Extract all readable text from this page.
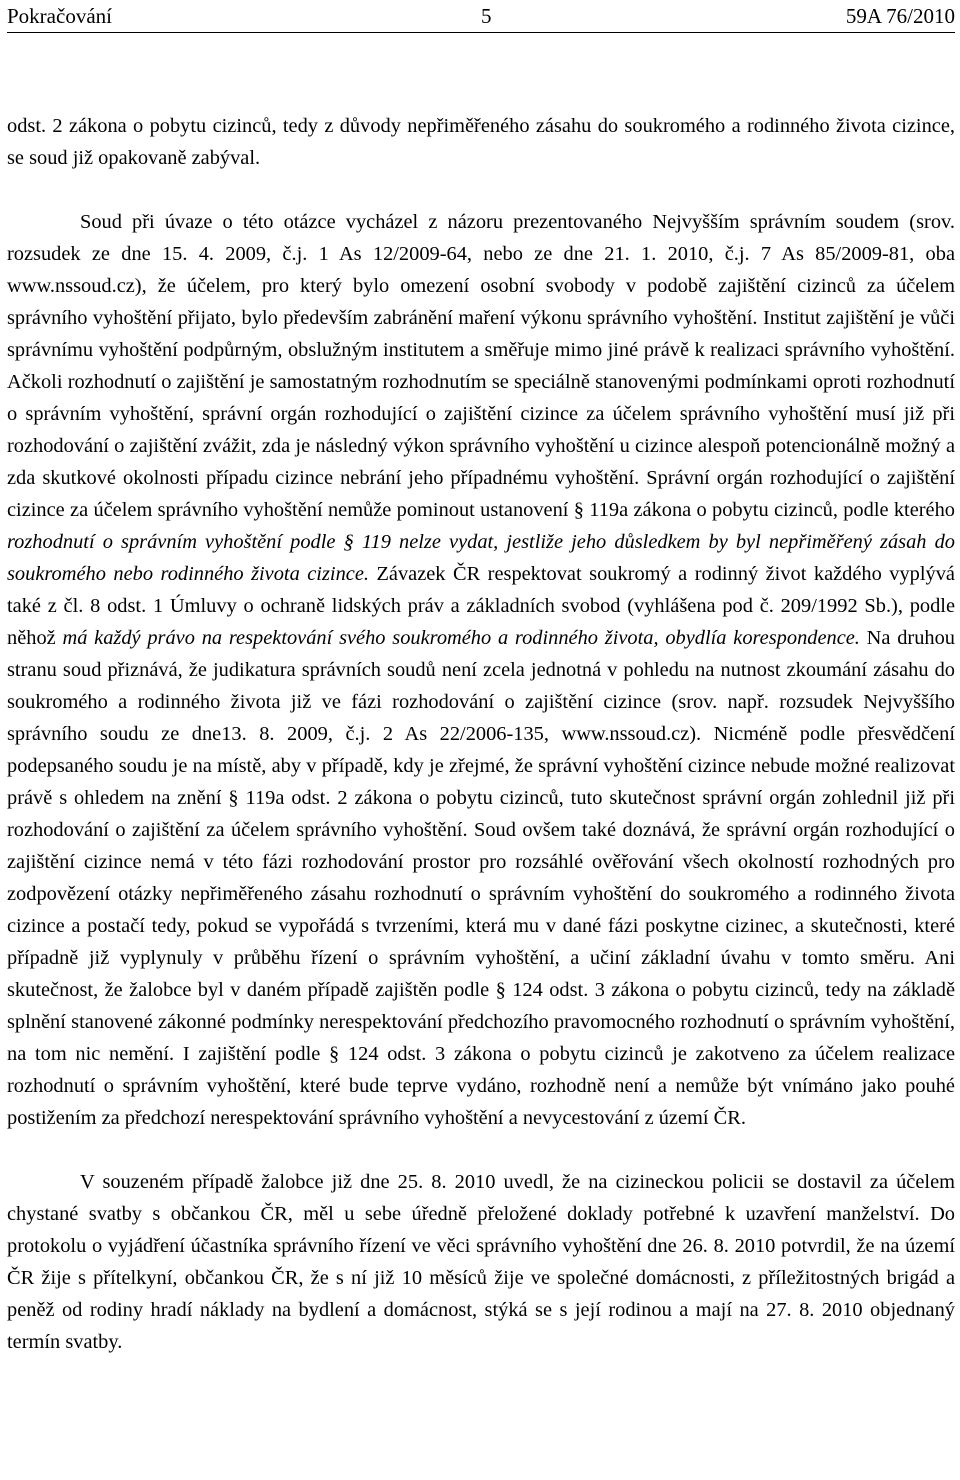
Pokračování	5	59A 76/2010

odst. 2 zákona o pobytu cizinců, tedy z důvody nepřiměřeného zásahu do soukromého a rodinného života cizince, se soud již opakovaně zabýval.

Soud při úvaze o této otázce vycházel z názoru prezentovaného Nejvyšším správním soudem (srov. rozsudek ze dne 15. 4. 2009, č.j. 1 As 12/2009-64, nebo ze dne 21. 1. 2010, č.j. 7 As 85/2009-81, oba www.nssoud.cz), že účelem, pro který bylo omezení osobní svobody v podobě zajištění cizinců za účelem správního vyhoštění přijato, bylo především zabránění maření výkonu správního vyhoštění. Institut zajištění je vůči správnímu vyhoštění podpůrným, obslužným institutem a směřuje mimo jiné právě k realizaci správního vyhoštění. Ačkoli rozhodnutí o zajištění je samostatným rozhodnutím se speciálně stanovenými podmínkami oproti rozhodnutí o správním vyhoštění, správní orgán rozhodující o zajištění cizince za účelem správního vyhoštění musí již při rozhodování o zajištění zvážit, zda je následný výkon správního vyhoštění u cizince alespoň potencionálně možný a zda skutkové okolnosti případu cizince nebrání jeho případnému vyhoštění. Správní orgán rozhodující o zajištění cizince za účelem správního vyhoštění nemůže pominout ustanovení § 119a zákona o pobytu cizinců, podle kterého rozhodnutí o správním vyhoštění podle § 119 nelze vydat, jestliže jeho důsledkem by byl nepřiměřený zásah do soukromého nebo rodinného života cizince. Závazek ČR respektovat soukromý a rodinný život každého vyplývá také z čl. 8 odst. 1 Úmluvy o ochraně lidských práv a základních svobod (vyhlášena pod č. 209/1992 Sb.), podle něhož má každý právo na respektování svého soukromého a rodinného života, obydlía korespondence. Na druhou stranu soud přiznává, že judikatura správních soudů není zcela jednotná v pohledu na nutnost zkoumání zásahu do soukromého a rodinného života již ve fázi rozhodování o zajištění cizince (srov. např. rozsudek Nejvyššího správního soudu ze dne13. 8. 2009, č.j. 2 As 22/2006-135, www.nssoud.cz). Nicméně podle přesvědčení podepsaného soudu je na místě, aby v případě, kdy je zřejmé, že správní vyhoštění cizince nebude možné realizovat právě s ohledem na znění § 119a odst. 2 zákona o pobytu cizinců, tuto skutečnost správní orgán zohlednil již při rozhodování o zajištění za účelem správního vyhoštění. Soud ovšem také doznává, že správní orgán rozhodující o zajištění cizince nemá v této fázi rozhodování prostor pro rozsáhlé ověřování všech okolností rozhodných pro zodpovězení otázky nepřiměřeného zásahu rozhodnutí o správním vyhoštění do soukromého a rodinného života cizince a postačí tedy, pokud se vypořádá s tvrzeními, která mu v dané fázi poskytne cizinec, a skutečnosti, které případně již vyplynuly v průběhu řízení o správním vyhoštění, a učiní základní úvahu v tomto směru. Ani skutečnost, že žalobce byl v daném případě zajištěn podle § 124 odst. 3 zákona o pobytu cizinců, tedy na základě splnění stanovené zákonné podmínky nerespektování předchozího pravomocného rozhodnutí o správním vyhoštění, na tom nic nemění. I zajištění podle § 124 odst. 3 zákona o pobytu cizinců je zakotveno za účelem realizace rozhodnutí o správním vyhoštění, které bude teprve vydáno, rozhodně není a nemůže být vnímáno jako pouhé postižením za předchozí nerespektování správního vyhoštění a nevycestování z území ČR.

V souzeném případě žalobce již dne 25. 8. 2010 uvedl, že na cizineckou policii se dostavil za účelem chystané svatby s občankou ČR, měl u sebe úředně přeložené doklady potřebné k uzavření manželství. Do protokolu o vyjádření účastníka správního řízení ve věci správního vyhoštění dne 26. 8. 2010 potvrdil, že na území ČR žije s přítelkyní, občankou ČR, že s ní již 10 měsíců žije ve společné domácnosti, z příležitostných brigád a peněž od rodiny hradí náklady na bydlení a domácnost, stýká se s její rodinou a mají na 27. 8. 2010 objednaný termín svatby.
